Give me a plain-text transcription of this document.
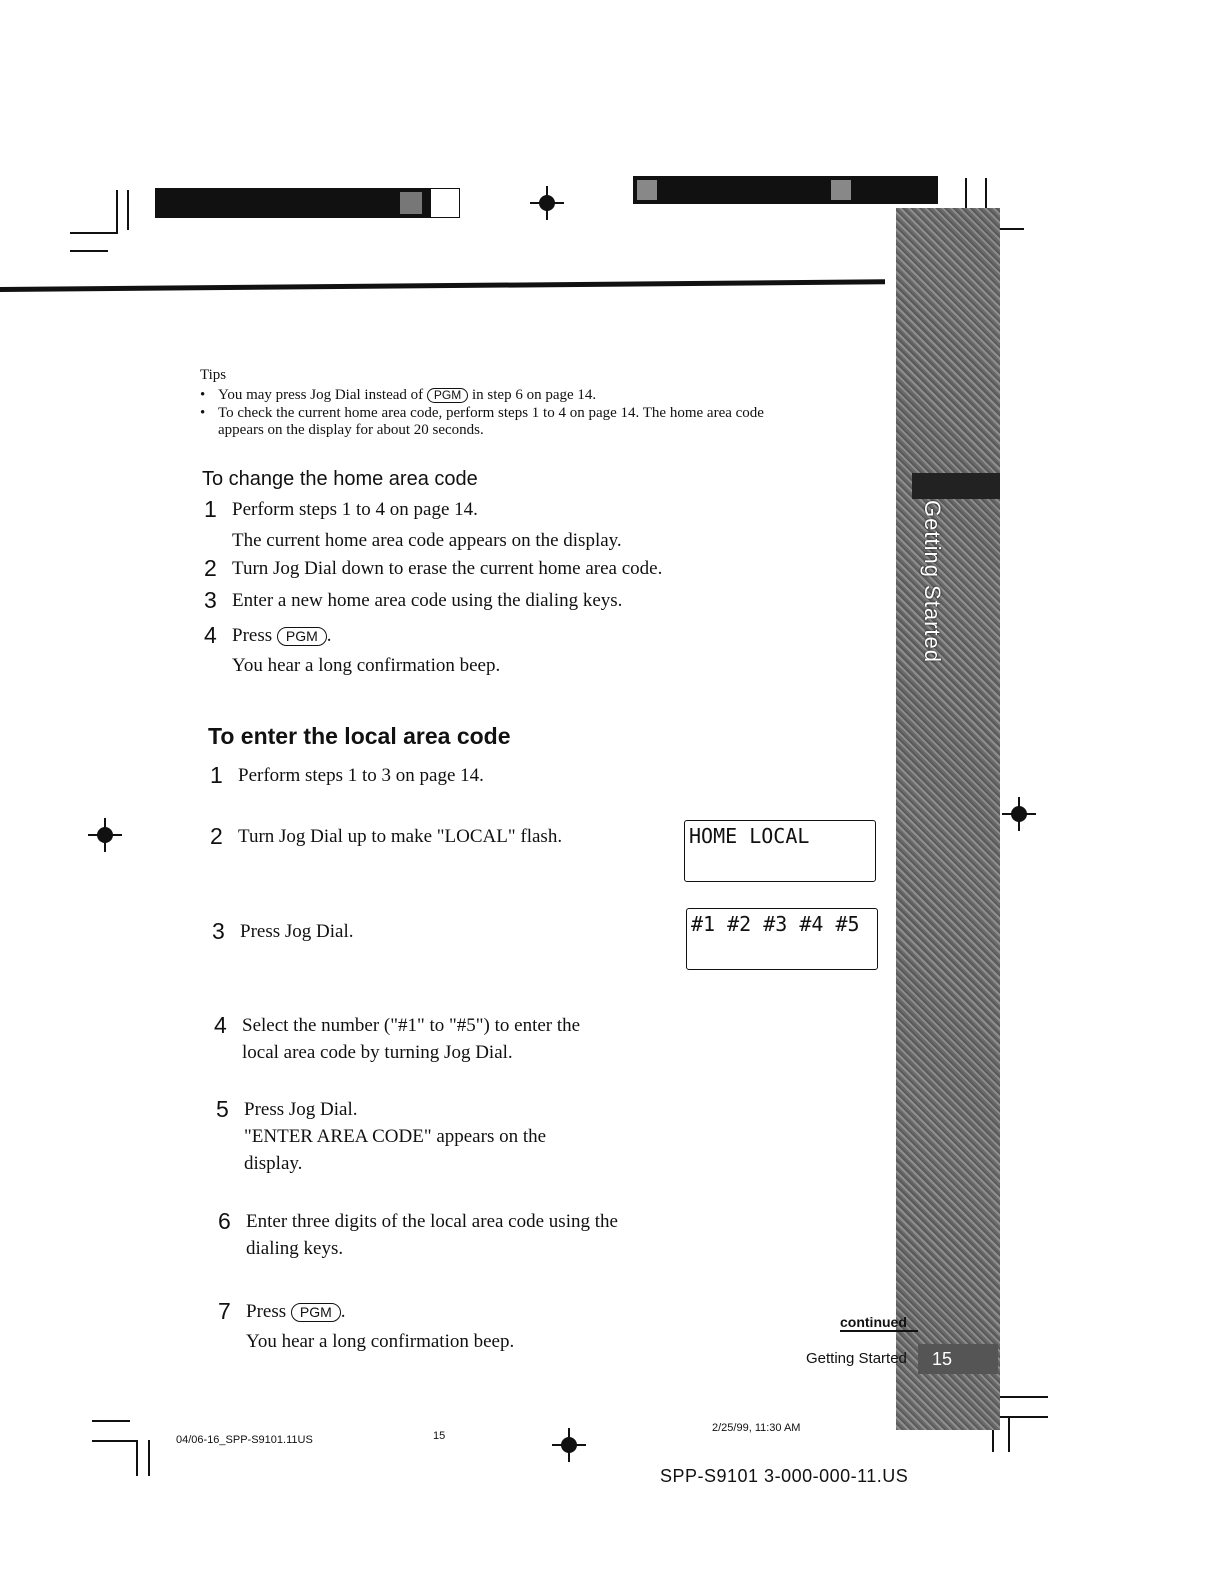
Getting Started
Tips
• You may press Jog Dial instead of PGM in step 6 on page 14.
• To check the current home area code, perform steps 1 to 4 on page 14. The home area code appears on the display for about 20 seconds.
To change the home area code
1 Perform steps 1 to 4 on page 14.
The current home area code appears on the display.
2 Turn Jog Dial down to erase the current home area code.
3 Enter a new home area code using the dialing keys.
4 Press PGM .
You hear a long confirmation beep.
To enter the local area code
1 Perform steps 1 to 3 on page 14.
2 Turn Jog Dial up to make "LOCAL" flash.
3 Press Jog Dial.
4 Select the number ("#1" to "#5") to enter the
local area code by turning Jog Dial.
5 Press Jog Dial.
"ENTER AREA CODE" appears on the
display.
6 Enter three digits of the local area code using the
dialing keys.
7 Press PGM .
You hear a long confirmation beep.
HOME LOCAL
#1 #2 #3 #4 #5
continued
Getting Started	15
04/06-16_SPP-S9101.11US	15
2/25/99, 11:30 AM
SPP-S9101 3-000-000-11.US
